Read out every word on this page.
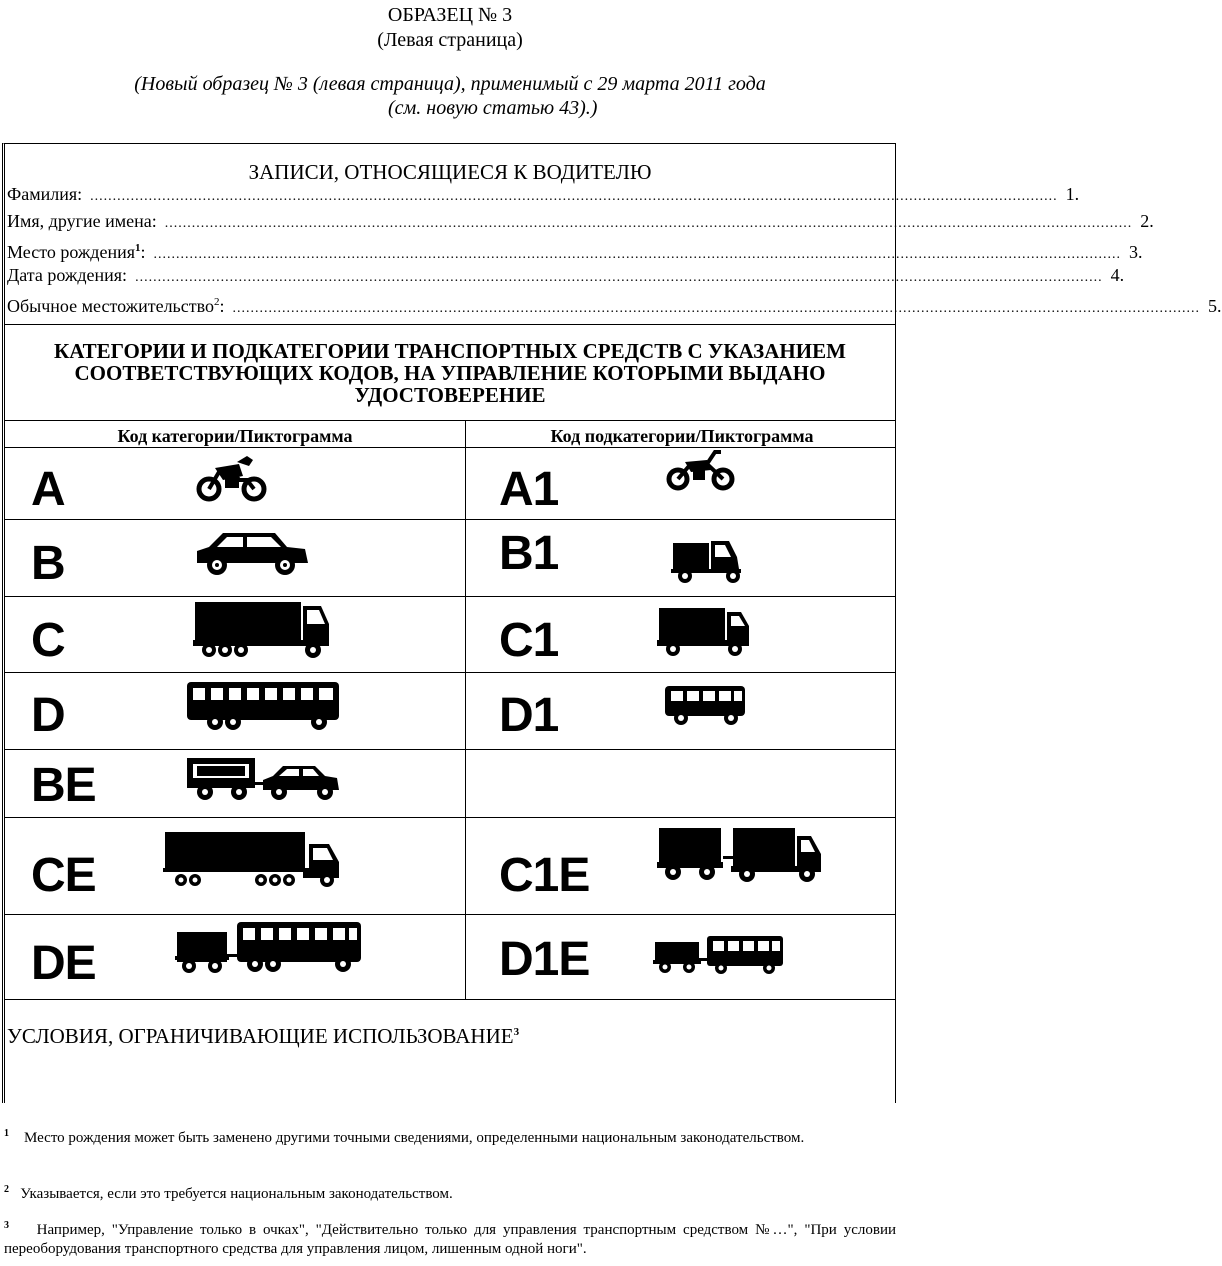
ОБРАЗЕЦ № 3
(Левая страница)
(Новый образец № 3 (левая страница), применимый с 29 марта 2011 года
(см. новую статью 43).)
ЗАПИСИ, ОТНОСЯЩИЕСЯ К ВОДИТЕЛЮ
Фамилия: ....................................................................................................................................................................................................................... 1.
Имя, другие имена: ....................................................................................................................................................................................................................... 2.
Место рождения$^1$: ....................................................................................................................................................................................................................... 3.
Дата рождения: ....................................................................................................................................................................................................................... 4.
Обычное местожительство$^2$: ....................................................................................................................................................................................................................... 5.
КАТЕГОРИИ И ПОДКАТЕГОРИИ ТРАНСПОРТНЫХ СРЕДСТВ С УКАЗАНИЕМ
СООТВЕТСТВУЮЩИХ КОДОВ, НА УПРАВЛЕНИЕ КОТОРЫМИ ВЫДАНО
УДОСТОВЕРЕНИЕ
Код категории/Пиктограмма	Код подкатегории/Пиктограмма
A	A1
B	B1
C	C1
D	D1
BE
CE	C1E
DE	D1E
УСЛОВИЯ, ОГРАНИЧИВАЮЩИЕ ИСПОЛЬЗОВАНИЕ$^3$
$^1$ Место рождения может быть заменено другими точными сведениями, определенными национальным законодательством.
$^2$ Указывается, если это требуется национальным законодательством.
$^3$ Например, "Управление только в очках", "Действительно только для управления транспортным средством №…", "При условии переоборудования транспортного средства для управления лицом, лишенным одной ноги".
